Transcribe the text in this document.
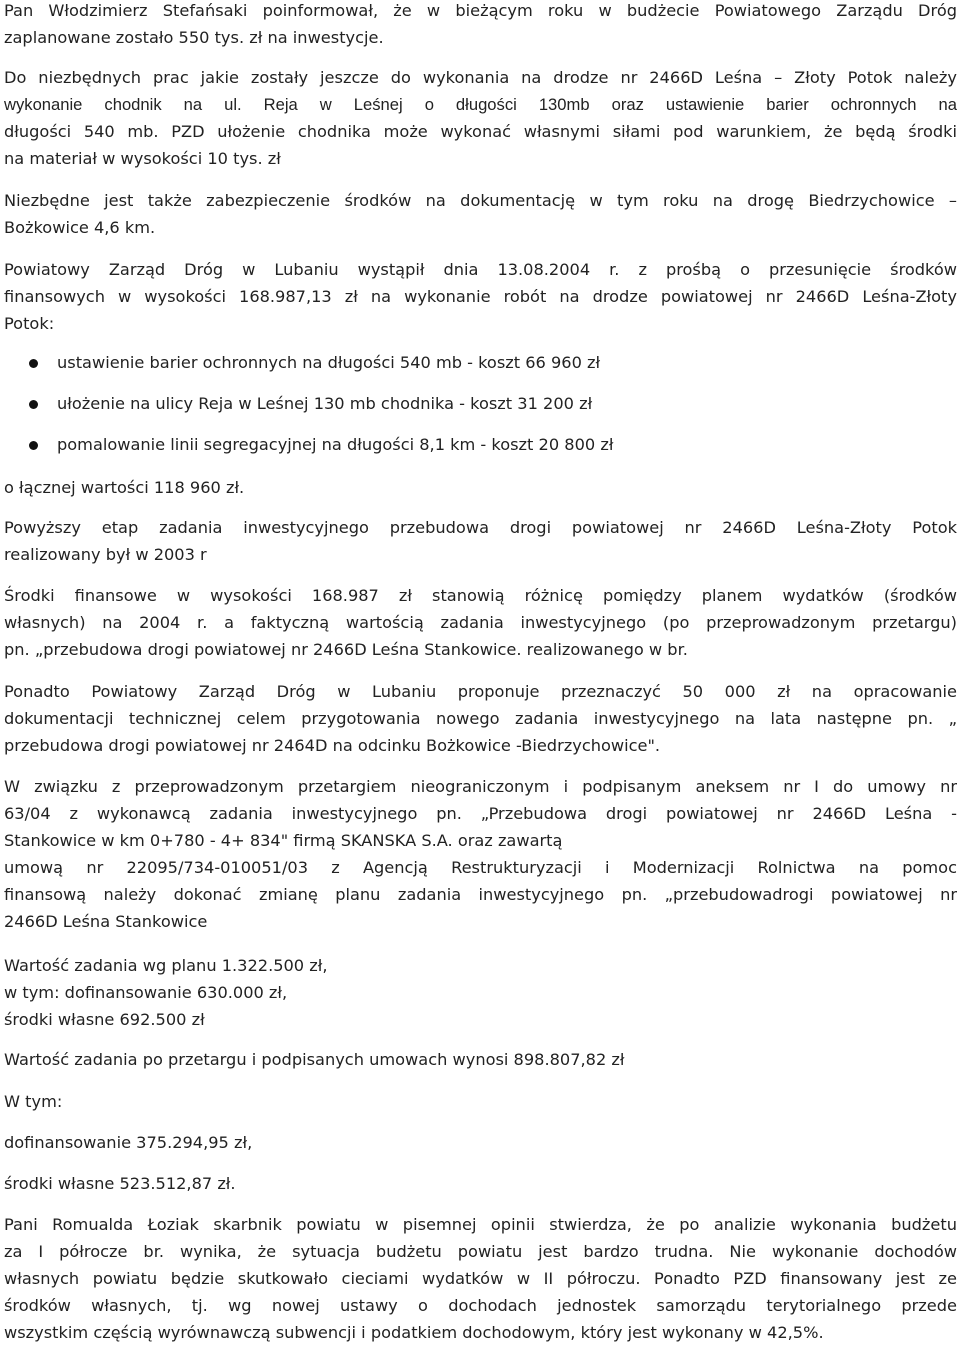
Pan Włodzimierz Stefańsaki poinformował, że w bieżącym roku w budżecie Powiatowego Zarządu Dróg
zaplanowane zostało 550 tys. zł na inwestycje.

Do niezbędnych prac jakie zostały jeszcze do wykonania na drodze nr 2466D Leśna – Złoty Potok należy
wykonanie chodnik na ul. Reja w Leśnej o długości 130mb oraz ustawienie barier ochronnych na
długości 540 mb. PZD ułożenie chodnika może wykonać własnymi siłami pod warunkiem, że będą środki
na materiał w wysokości 10 tys. zł

Niezbędne jest także zabezpieczenie środków na dokumentację w tym roku na drogę Biedrzychowice –
Bożkowice 4,6 km.

Powiatowy Zarząd Dróg w Lubaniu wystąpił dnia 13.08.2004 r. z prośbą o przesunięcie środków
finansowych w wysokości 168.987,13 zł na wykonanie robót na drodze powiatowej nr 2466D Leśna-Złoty
Potok:

ustawienie barier ochronnych na długości 540 mb - koszt 66 960 zł
ułożenie na ulicy Reja w Leśnej 130 mb chodnika - koszt 31 200 zł
pomalowanie linii segregacyjnej na długości 8,1 km - koszt 20 800 zł

o łącznej wartości 118 960 zł.

Powyższy etap zadania inwestycyjnego przebudowa drogi powiatowej nr 2466D Leśna-Złoty Potok
realizowany był w 2003 r

Środki finansowe w wysokości 168.987 zł stanowią różnicę pomiędzy planem wydatków (środków
własnych) na 2004 r. a faktyczną wartością zadania inwestycyjnego (po przeprowadzonym przetargu)
pn. „przebudowa drogi powiatowej nr 2466D Leśna Stankowice. realizowanego w br.

Ponadto Powiatowy Zarząd Dróg w Lubaniu proponuje przeznaczyć 50 000 zł na opracowanie
dokumentacji technicznej celem przygotowania nowego zadania inwestycyjnego na lata następne pn. „
przebudowa drogi powiatowej nr 2464D na odcinku Bożkowice -Biedrzychowice".

W związku z przeprowadzonym przetargiem nieograniczonym i podpisanym aneksem nr I do umowy nr
63/04 z wykonawcą zadania inwestycyjnego pn. „Przebudowa drogi powiatowej nr 2466D Leśna -
Stankowice w km 0+780 - 4+ 834" firmą SKANSKA S.A. oraz zawartą
umową nr 22095/734-010051/03 z Agencją Restrukturyzacji i Modernizacji Rolnictwa na pomoc
finansową należy dokonać zmianę planu zadania inwestycyjnego pn. „przebudowadrogi powiatowej nr
2466D Leśna Stankowice

Wartość zadania wg planu 1.322.500 zł,
w tym: dofinansowanie 630.000 zł,
środki własne 692.500 zł

Wartość zadania po przetargu i podpisanych umowach wynosi 898.807,82 zł

W tym:

dofinansowanie 375.294,95 zł,

środki własne 523.512,87 zł.

Pani Romualda Łoziak skarbnik powiatu w pisemnej opinii stwierdza, że po analizie wykonania budżetu
za I półrocze br. wynika, że sytuacja budżetu powiatu jest bardzo trudna. Nie wykonanie dochodów
własnych powiatu będzie skutkowało cieciami wydatków w II półroczu. Ponadto PZD finansowany jest ze
środków własnych, tj. wg nowej ustawy o dochodach jednostek samorządu terytorialnego przede
wszystkim częścią wyrównawczą subwencji i podatkiem dochodowym, który jest wykonany w 42,5%.
